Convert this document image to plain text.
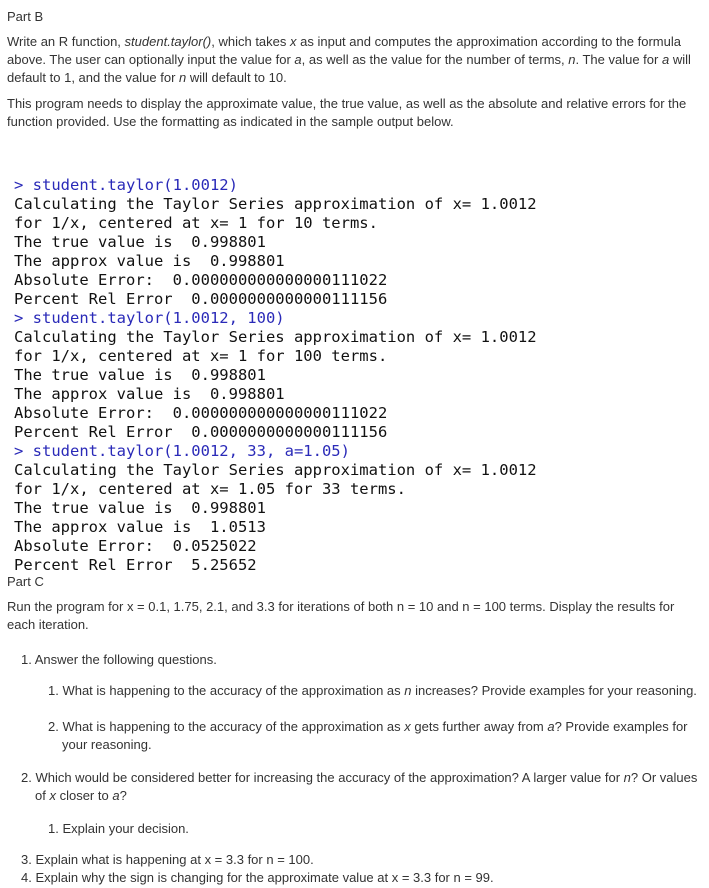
Part B
Write an R function, student.taylor(), which takes x as input and computes the approximation according to the formula above. The user can optionally input the value for a, as well as the value for the number of terms, n. The value for a will default to 1, and the value for n will default to 10.
This program needs to display the approximate value, the true value, as well as the absolute and relative errors for the function provided. Use the formatting as indicated in the sample output below.

> student.taylor(1.0012)
Calculating the Taylor Series approximation of x= 1.0012
for 1/x, centered at x= 1 for 10 terms.
The true value is  0.998801
The approx value is  0.998801
Absolute Error:  0.000000000000000111022
Percent Rel Error  0.0000000000000111156
> student.taylor(1.0012, 100)
Calculating the Taylor Series approximation of x= 1.0012
for 1/x, centered at x= 1 for 100 terms.
The true value is  0.998801
The approx value is  0.998801
Absolute Error:  0.000000000000000111022
Percent Rel Error  0.0000000000000111156
> student.taylor(1.0012, 33, a=1.05)
Calculating the Taylor Series approximation of x= 1.0012
for 1/x, centered at x= 1.05 for 33 terms.
The true value is  0.998801
The approx value is  1.0513
Absolute Error:  0.0525022
Percent Rel Error  5.25652

Part C
Run the program for x = 0.1, 1.75, 2.1, and 3.3 for iterations of both n = 10 and n = 100 terms. Display the results for each iteration.
1. Answer the following questions.
1. What is happening to the accuracy of the approximation as n increases? Provide examples for your reasoning.
2. What is happening to the accuracy of the approximation as x gets further away from a? Provide examples for your reasoning.
2. Which would be considered better for increasing the accuracy of the approximation? A larger value for n? Or values of x closer to a?
1. Explain your decision.
3. Explain what is happening at x = 3.3 for n = 100.
4. Explain why the sign is changing for the approximate value at x = 3.3 for n = 99.
